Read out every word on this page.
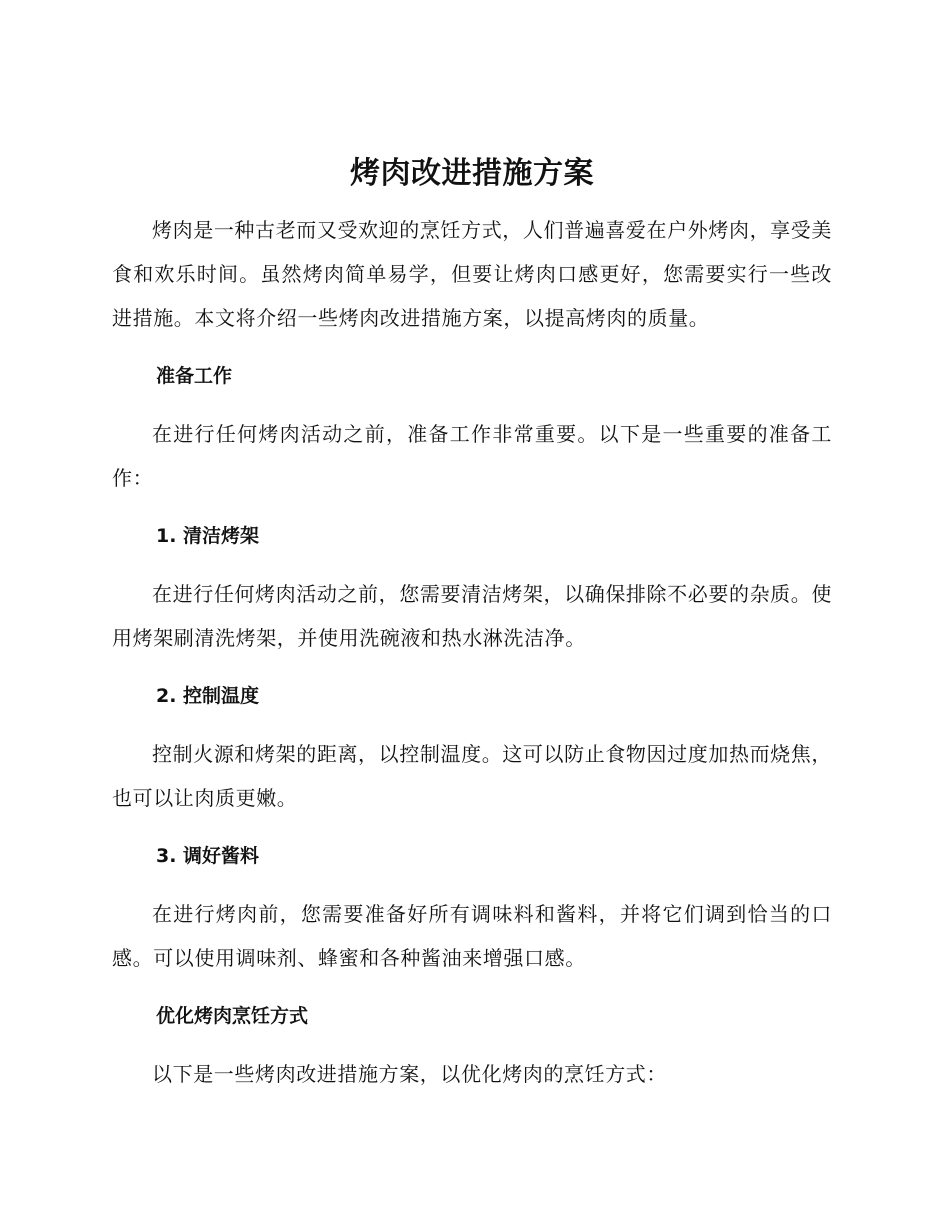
烤肉改进措施方案

烤肉是一种古老而又受欢迎的烹饪方式，人们普遍喜爱在户外烤肉，享受美食和欢乐时间。虽然烤肉简单易学，但要让烤肉口感更好，您需要实行一些改进措施。本文将介绍一些烤肉改进措施方案，以提高烤肉的质量。

准备工作

在进行任何烤肉活动之前，准备工作非常重要。以下是一些重要的准备工作：

1. 清洁烤架

在进行任何烤肉活动之前，您需要清洁烤架，以确保排除不必要的杂质。使用烤架刷清洗烤架，并使用洗碗液和热水淋洗洁净。

2. 控制温度

控制火源和烤架的距离，以控制温度。这可以防止食物因过度加热而烧焦，也可以让肉质更嫩。

3. 调好酱料

在进行烤肉前，您需要准备好所有调味料和酱料，并将它们调到恰当的口感。可以使用调味剂、蜂蜜和各种酱油来增强口感。

优化烤肉烹饪方式

以下是一些烤肉改进措施方案，以优化烤肉的烹饪方式：
